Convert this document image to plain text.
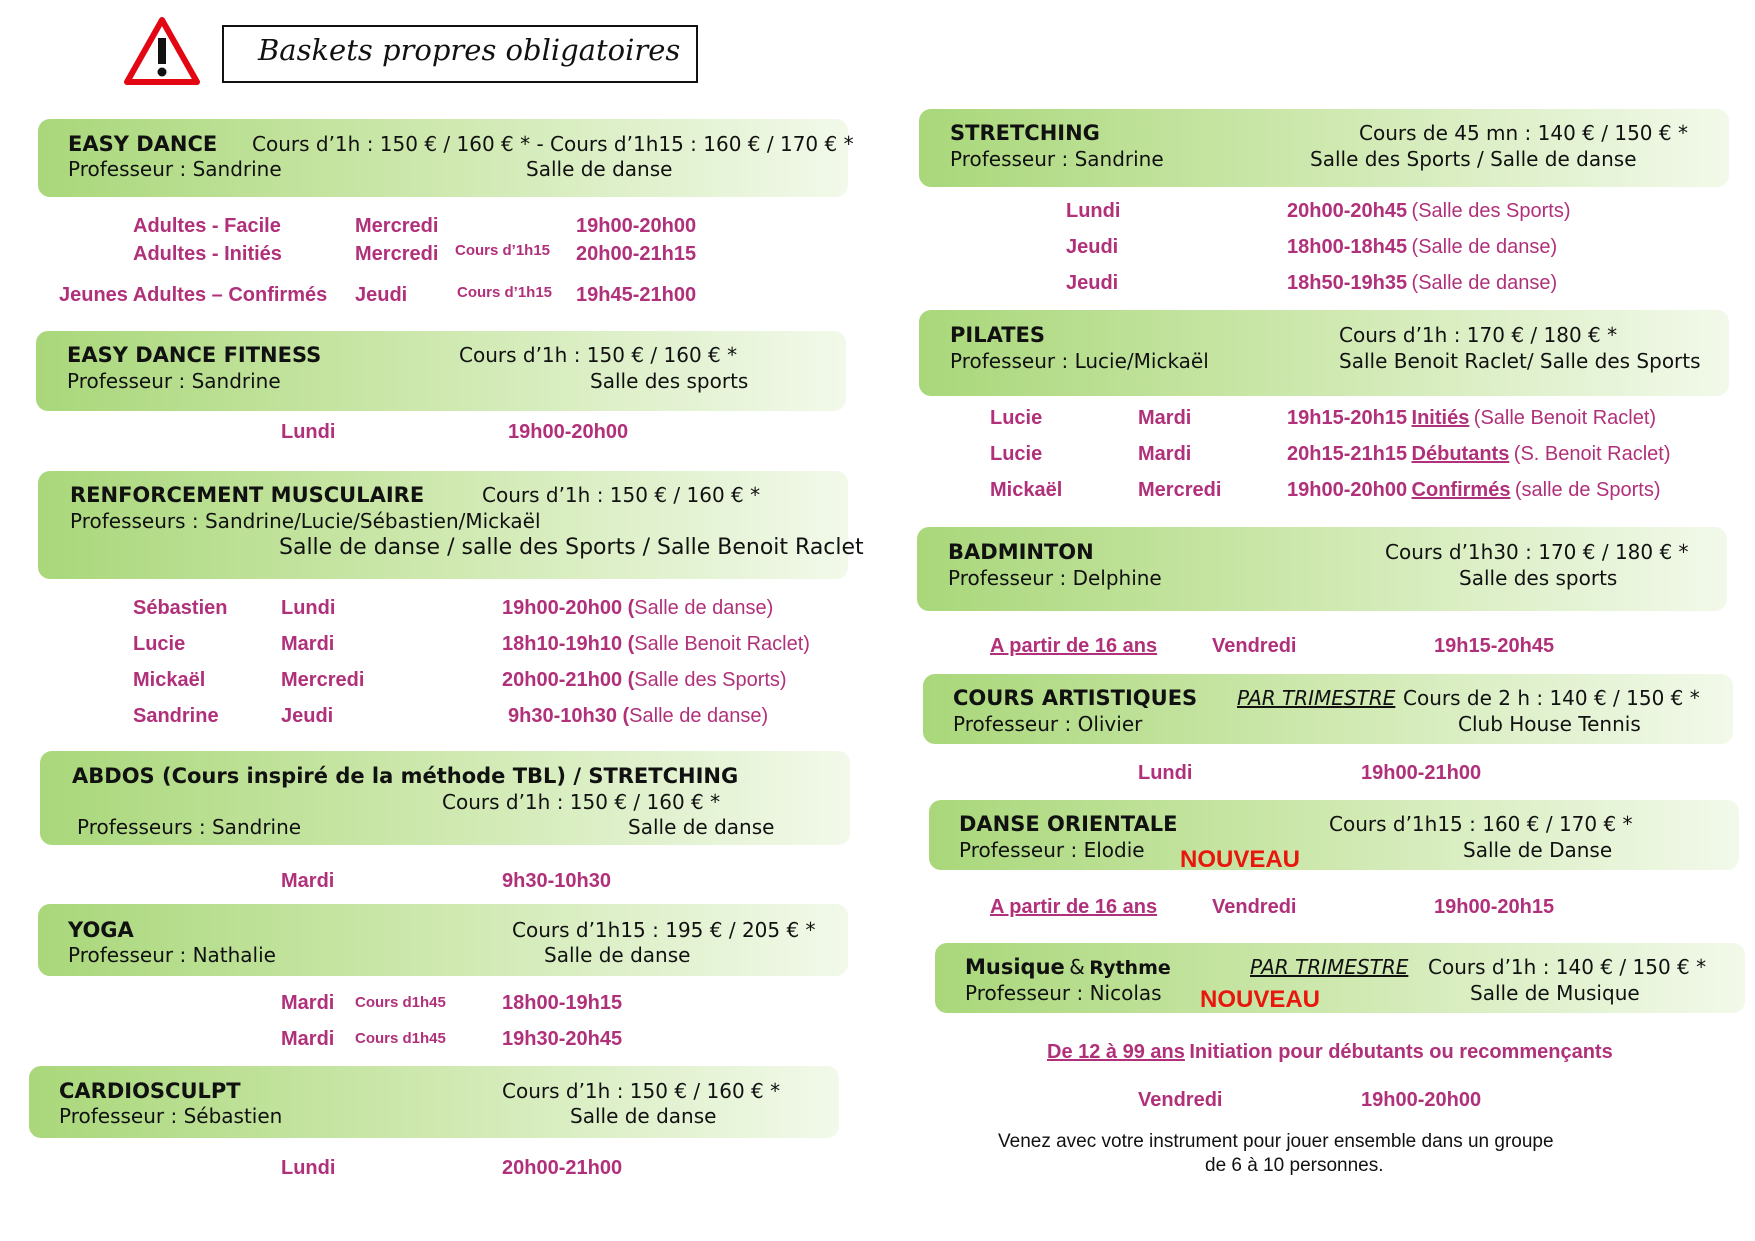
Baskets propres obligatoires
EASY DANCE Cours d’1h : 150 € / 160 € * - Cours d’1h15 : 160 € / 170 € *
Professeur : Sandrine	Salle de danse
Adultes - Facile	Mercredi	19h00-20h00
Adultes - Initiés	Mercredi Cours d’1h15 20h00-21h15
Jeunes Adultes – Confirmés Jeudi	Cours d’1h15 19h45-21h00
EASY DANCE FITNESS	Cours d’1h : 150 € / 160 € *
Professeur : Sandrine	Salle des sports
Lundi	19h00-20h00
RENFORCEMENT MUSCULAIRE	Cours d’1h : 150 € / 160 € *
Professeurs : Sandrine/Lucie/Sébastien/Mickaël
Salle de danse / salle des Sports / Salle Benoit Raclet
Sébastien	Lundi	19h00-20h00 (Salle de danse)
Lucie	Mardi	18h10-19h10 (Salle Benoit Raclet)
Mickaël	Mercredi	20h00-21h00 (Salle des Sports)
Sandrine	Jeudi	9h30-10h30 (Salle de danse)
ABDOS (Cours inspiré de la méthode TBL) / STRETCHING
Cours d’1h : 150 € / 160 € *
Professeurs : Sandrine	Salle de danse
Mardi	9h30-10h30
YOGA	Cours d’1h15 : 195 € / 205 € *
Professeur : Nathalie	Salle de danse
Mardi Cours d1h45	18h00-19h15
Mardi Cours d1h45	19h30-20h45
CARDIOSCULPT	Cours d’1h : 150 € / 160 € *
Professeur : Sébastien	Salle de danse
Lundi	20h00-21h00
STRETCHING	Cours de 45 mn : 140 € / 150 € *
Professeur : Sandrine	Salle des Sports / Salle de danse
Lundi	20h00-20h45 (Salle des Sports)
Jeudi	18h00-18h45 (Salle de danse)
Jeudi	18h50-19h35 (Salle de danse)
PILATES	Cours d’1h : 170 € / 180 € *
Professeur : Lucie/Mickaël	Salle Benoit Raclet/ Salle des Sports
Lucie	Mardi	19h15-20h15 Initiés (Salle Benoit Raclet)
Lucie	Mardi	20h15-21h15 Débutants (S. Benoit Raclet)
Mickaël	Mercredi	19h00-20h00 Confirmés (salle de Sports)
BADMINTON	Cours d’1h30 : 170 € / 180 € *
Professeur : Delphine	Salle des sports
A partir de 16 ans	Vendredi	19h15-20h45
COURS ARTISTIQUES PAR TRIMESTRE Cours de 2 h : 140 € / 150 € *
Professeur : Olivier	Club House Tennis
Lundi	19h00-21h00
DANSE ORIENTALE	Cours d’1h15 : 160 € / 170 € *
Professeur : Elodie NOUVEAU	Salle de Danse
A partir de 16 ans	Vendredi	19h00-20h15
Musique & Rythme	PAR TRIMESTRE Cours d’1h : 140 € / 150 € *
Professeur : Nicolas NOUVEAU	Salle de Musique
De 12 à 99 ans Initiation pour débutants ou recommençants
Vendredi	19h00-20h00
Venez avec votre instrument pour jouer ensemble dans un groupe
de 6 à 10 personnes.
